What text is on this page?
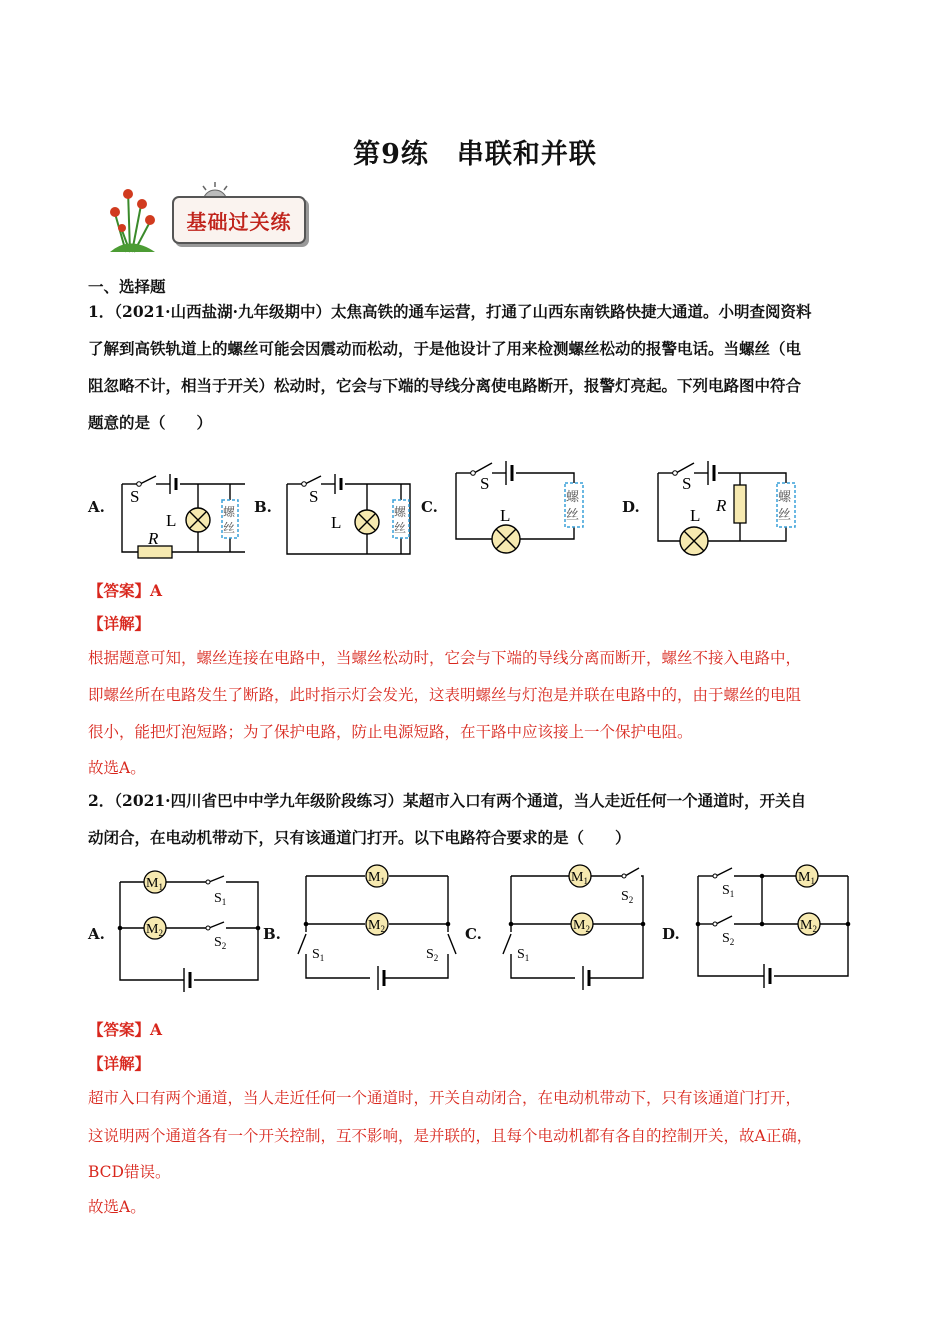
第9练　串联和并联
基础过关练
一、选择题
1．（2021·山西盐湖·九年级期中）太焦高铁的通车运营，打通了山西东南铁路快捷大通道。小明查阅资料
了解到高铁轨道上的螺丝可能会因震动而松动，于是他设计了用来检测螺丝松动的报警电话。当螺丝（电
阻忽略不计，相当于开关）松动时，它会与下端的导线分离使电路断开，报警灯亮起。下列电路图中符合
题意的是（　　）
A.	B.	C.	D.
S
L
R
螺
丝
S
L
螺
丝
S
L
螺
丝
S
L
R	螺
丝
【答案】A
【详解】
根据题意可知，螺丝连接在电路中，当螺丝松动时，它会与下端的导线分离而断开，螺丝不接入电路中，
即螺丝所在电路发生了断路，此时指示灯会发光，这表明螺丝与灯泡是并联在电路中的，由于螺丝的电阻
很小，能把灯泡短路；为了保护电路，防止电源短路，在干路中应该接上一个保护电阻。
故选A。
2．（2021·四川省巴中中学九年级阶段练习）某超市入口有两个通道，当人走近任何一个通道时，开关自
动闭合，在电动机带动下，只有该通道门打开。以下电路符合要求的是（　　）
A.	B.	C.	D.
$M_1$
$M_2$
$S_1$
$S_2$
$M_1$
$M_2$
$S_1$	$S_2$
$M_1$
$M_2$
$S_1$
$S_2$
$M_1$
$M_2$
$S_1$
$S_2$
【答案】A
【详解】
超市入口有两个通道，当人走近任何一个通道时，开关自动闭合，在电动机带动下，只有该通道门打开，
这说明两个通道各有一个开关控制，互不影响，是并联的，且每个电动机都有各自的控制开关，故A正确，
BCD错误。
故选A。
